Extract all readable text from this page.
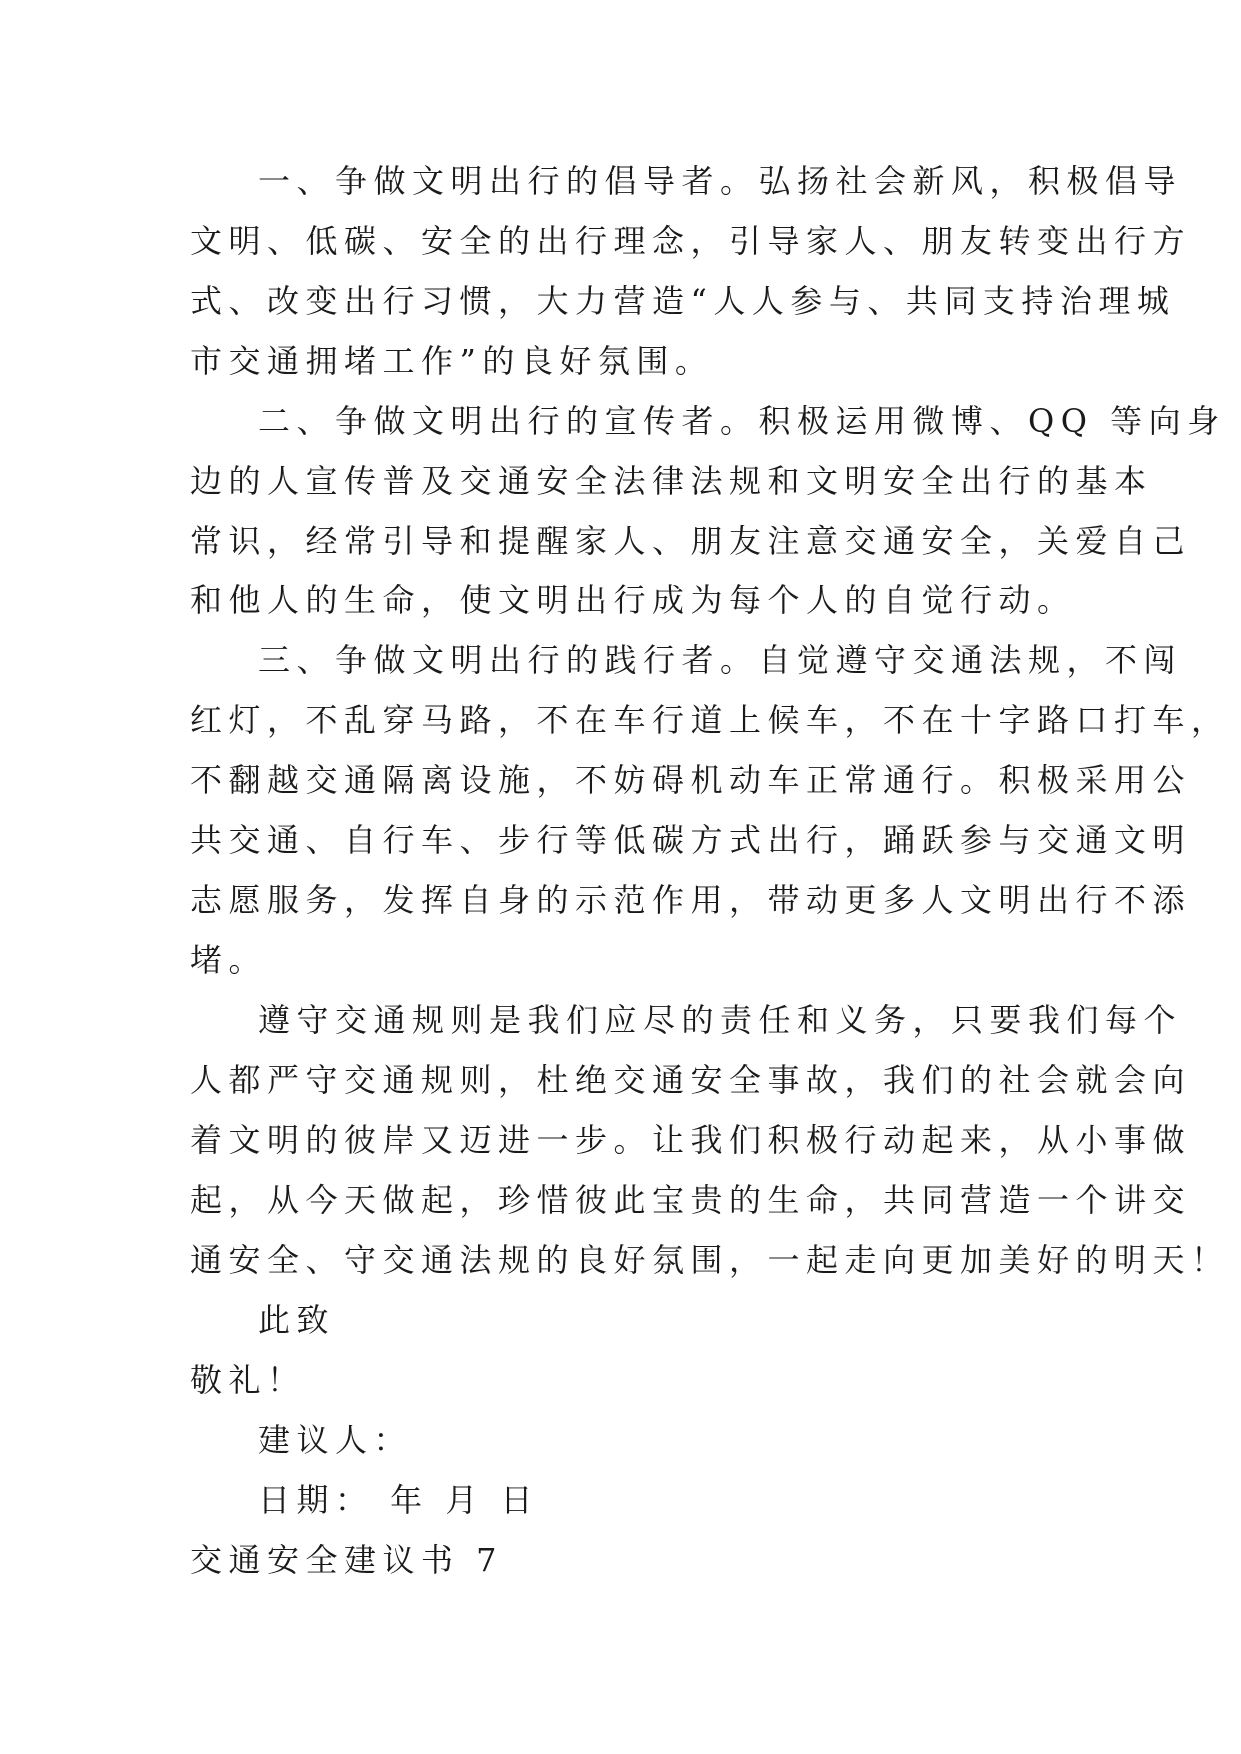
一、争做文明出行的倡导者。弘扬社会新风，积极倡导
文明、低碳、安全的出行理念，引导家人、朋友转变出行方
式、改变出行习惯，大力营造“人人参与、共同支持治理城
市交通拥堵工作”的良好氛围。
二、争做文明出行的宣传者。积极运用微博、QQ 等向身
边的人宣传普及交通安全法律法规和文明安全出行的基本
常识，经常引导和提醒家人、朋友注意交通安全，关爱自己
和他人的生命，使文明出行成为每个人的自觉行动。
三、争做文明出行的践行者。自觉遵守交通法规，不闯
红灯，不乱穿马路，不在车行道上候车，不在十字路口打车，
不翻越交通隔离设施，不妨碍机动车正常通行。积极采用公
共交通、自行车、步行等低碳方式出行，踊跃参与交通文明
志愿服务，发挥自身的示范作用，带动更多人文明出行不添
堵。
遵守交通规则是我们应尽的责任和义务，只要我们每个
人都严守交通规则，杜绝交通安全事故，我们的社会就会向
着文明的彼岸又迈进一步。让我们积极行动起来，从小事做
起，从今天做起，珍惜彼此宝贵的生命，共同营造一个讲交
通安全、守交通法规的良好氛围，一起走向更加美好的明天！
此致
敬礼！
建议人：
日期： 年 月 日
交通安全建议书 7
